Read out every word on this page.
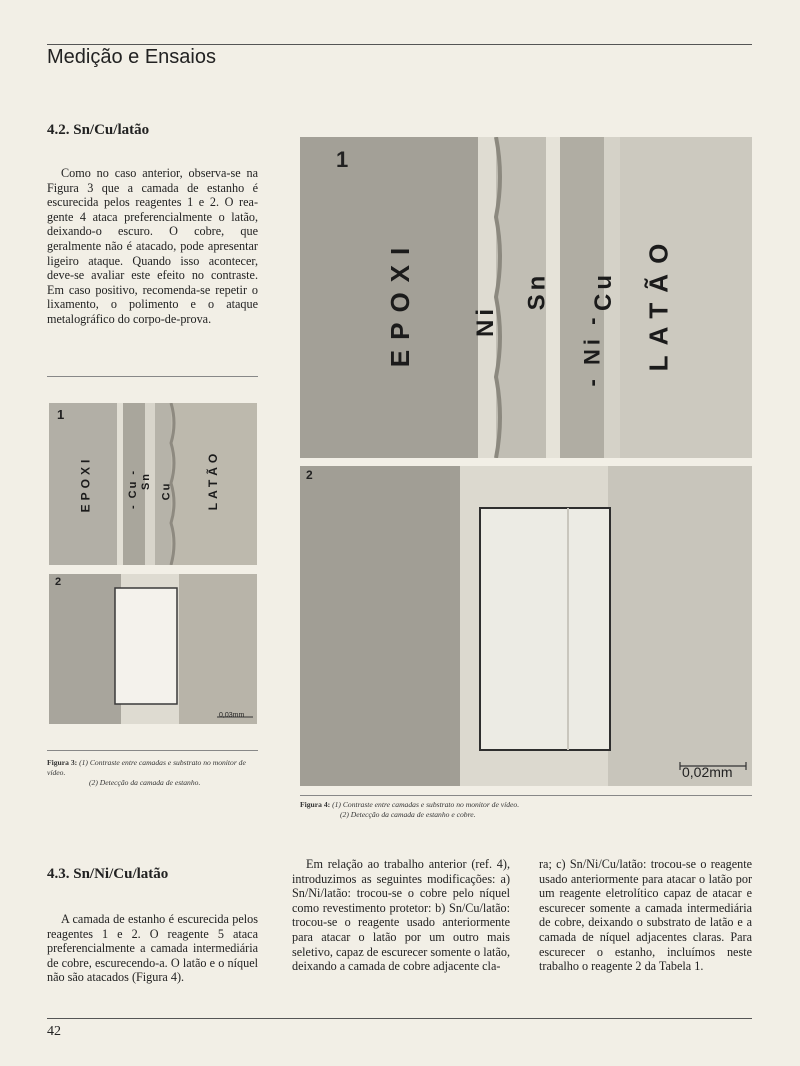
Medição e Ensaios
4.2. Sn/Cu/latão

Como no caso anterior, observa-se na Figura 3 que a camada de estanho é escurecida pelos reagentes 1 e 2. O reagente 4 ataca preferencialmente o latão, deixando-o escuro. O cobre, que geralmente não é atacado, pode apresentar ligeiro ataque. Quando isso acontecer, deve-se avaliar este efeito no contraste. Em caso positivo, recomenda-se repetir o lixamento, o polimento e o ataque metalográfico do corpo-de-prova.

1
EPOXI	- Cu - Sn
Cu	LATÃO
2
0,03mm
Figura 3: (1) Contraste entre camadas e substrato no monitor de vídeo.
(2) Detecção da camada de estanho.
1
EPOXI Ni
Sn
- Ni -
Cu LATÃO
2
0,02mm
Figura 4: (1) Contraste entre camadas e substrato no monitor de vídeo.
(2) Detecção da camada de estanho e cobre.
4.3. Sn/Ni/Cu/latão

A camada de estanho é escurecida pelos reagentes 1 e 2. O reagente 5 ataca preferencialmente a camada intermediária de cobre, escurecendo-a. O latão e o níquel não são atacados (Figura 4).

Em relação ao trabalho anterior (ref. 4), introduzimos as seguintes modificações: a) Sn/Ni/latão: trocou-se o cobre pelo níquel como revestimento protetor: b) Sn/Cu/latão: trocou-se o reagente usado anteriormente para atacar o latão por um outro mais seletivo, capaz de escurecer somente o latão, deixando a camada de cobre adjacente cla-

ra; c) Sn/Ni/Cu/latão: trocou-se o reagente usado anteriormente para atacar o latão por um reagente eletrolítico capaz de atacar e escurecer somente a camada intermediária de cobre, deixando o substrato de latão e a camada de níquel adjacentes claras. Para escurecer o estanho, incluímos neste trabalho o reagente 2 da Tabela 1.

42
